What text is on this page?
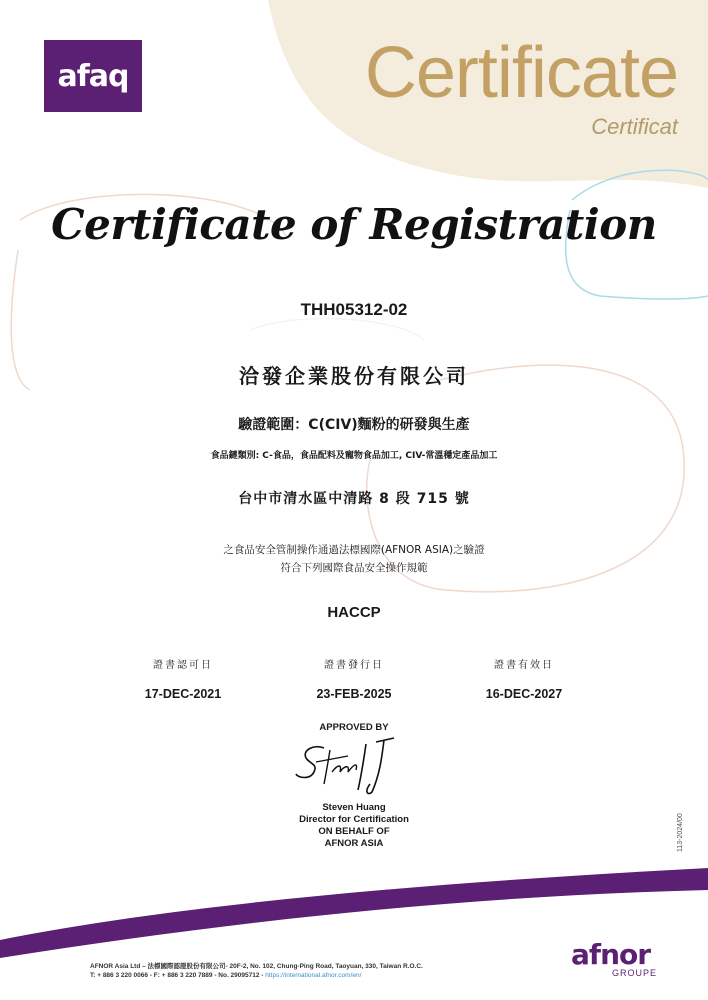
afaq	Certificate
Certificat
Certificate of Registration
THH05312-02
洽發企業股份有限公司
驗證範圍：C(CIV)麵粉的研發與生產
食品鏈類別: C-食品，食品配料及寵物食品加工, CIV-常溫穩定產品加工
台中市清水區中清路 8 段 715 號
之食品安全管制操作通過法標國際(AFNOR ASIA)之驗證
符合下列國際食品安全操作規範
HACCP
證書認可日
17-DEC-2021
證書發行日
23-FEB-2025
證書有效日
16-DEC-2027
APPROVED BY
Steven Huang
Director for Certification
ON BEHALF OF
AFNOR ASIA	113-2024/00
AFNOR Asia Ltd – 法標國際認證股份有限公司- 20F-2, No. 102, Chung-Ping Road, Taoyuan, 330, Taiwan R.O.C.
T: + 886 3 220 0066 - F: + 886 3 220 7889 - No. 29095712 - https://international.afnor.com/en/
afnor
GROUPE
